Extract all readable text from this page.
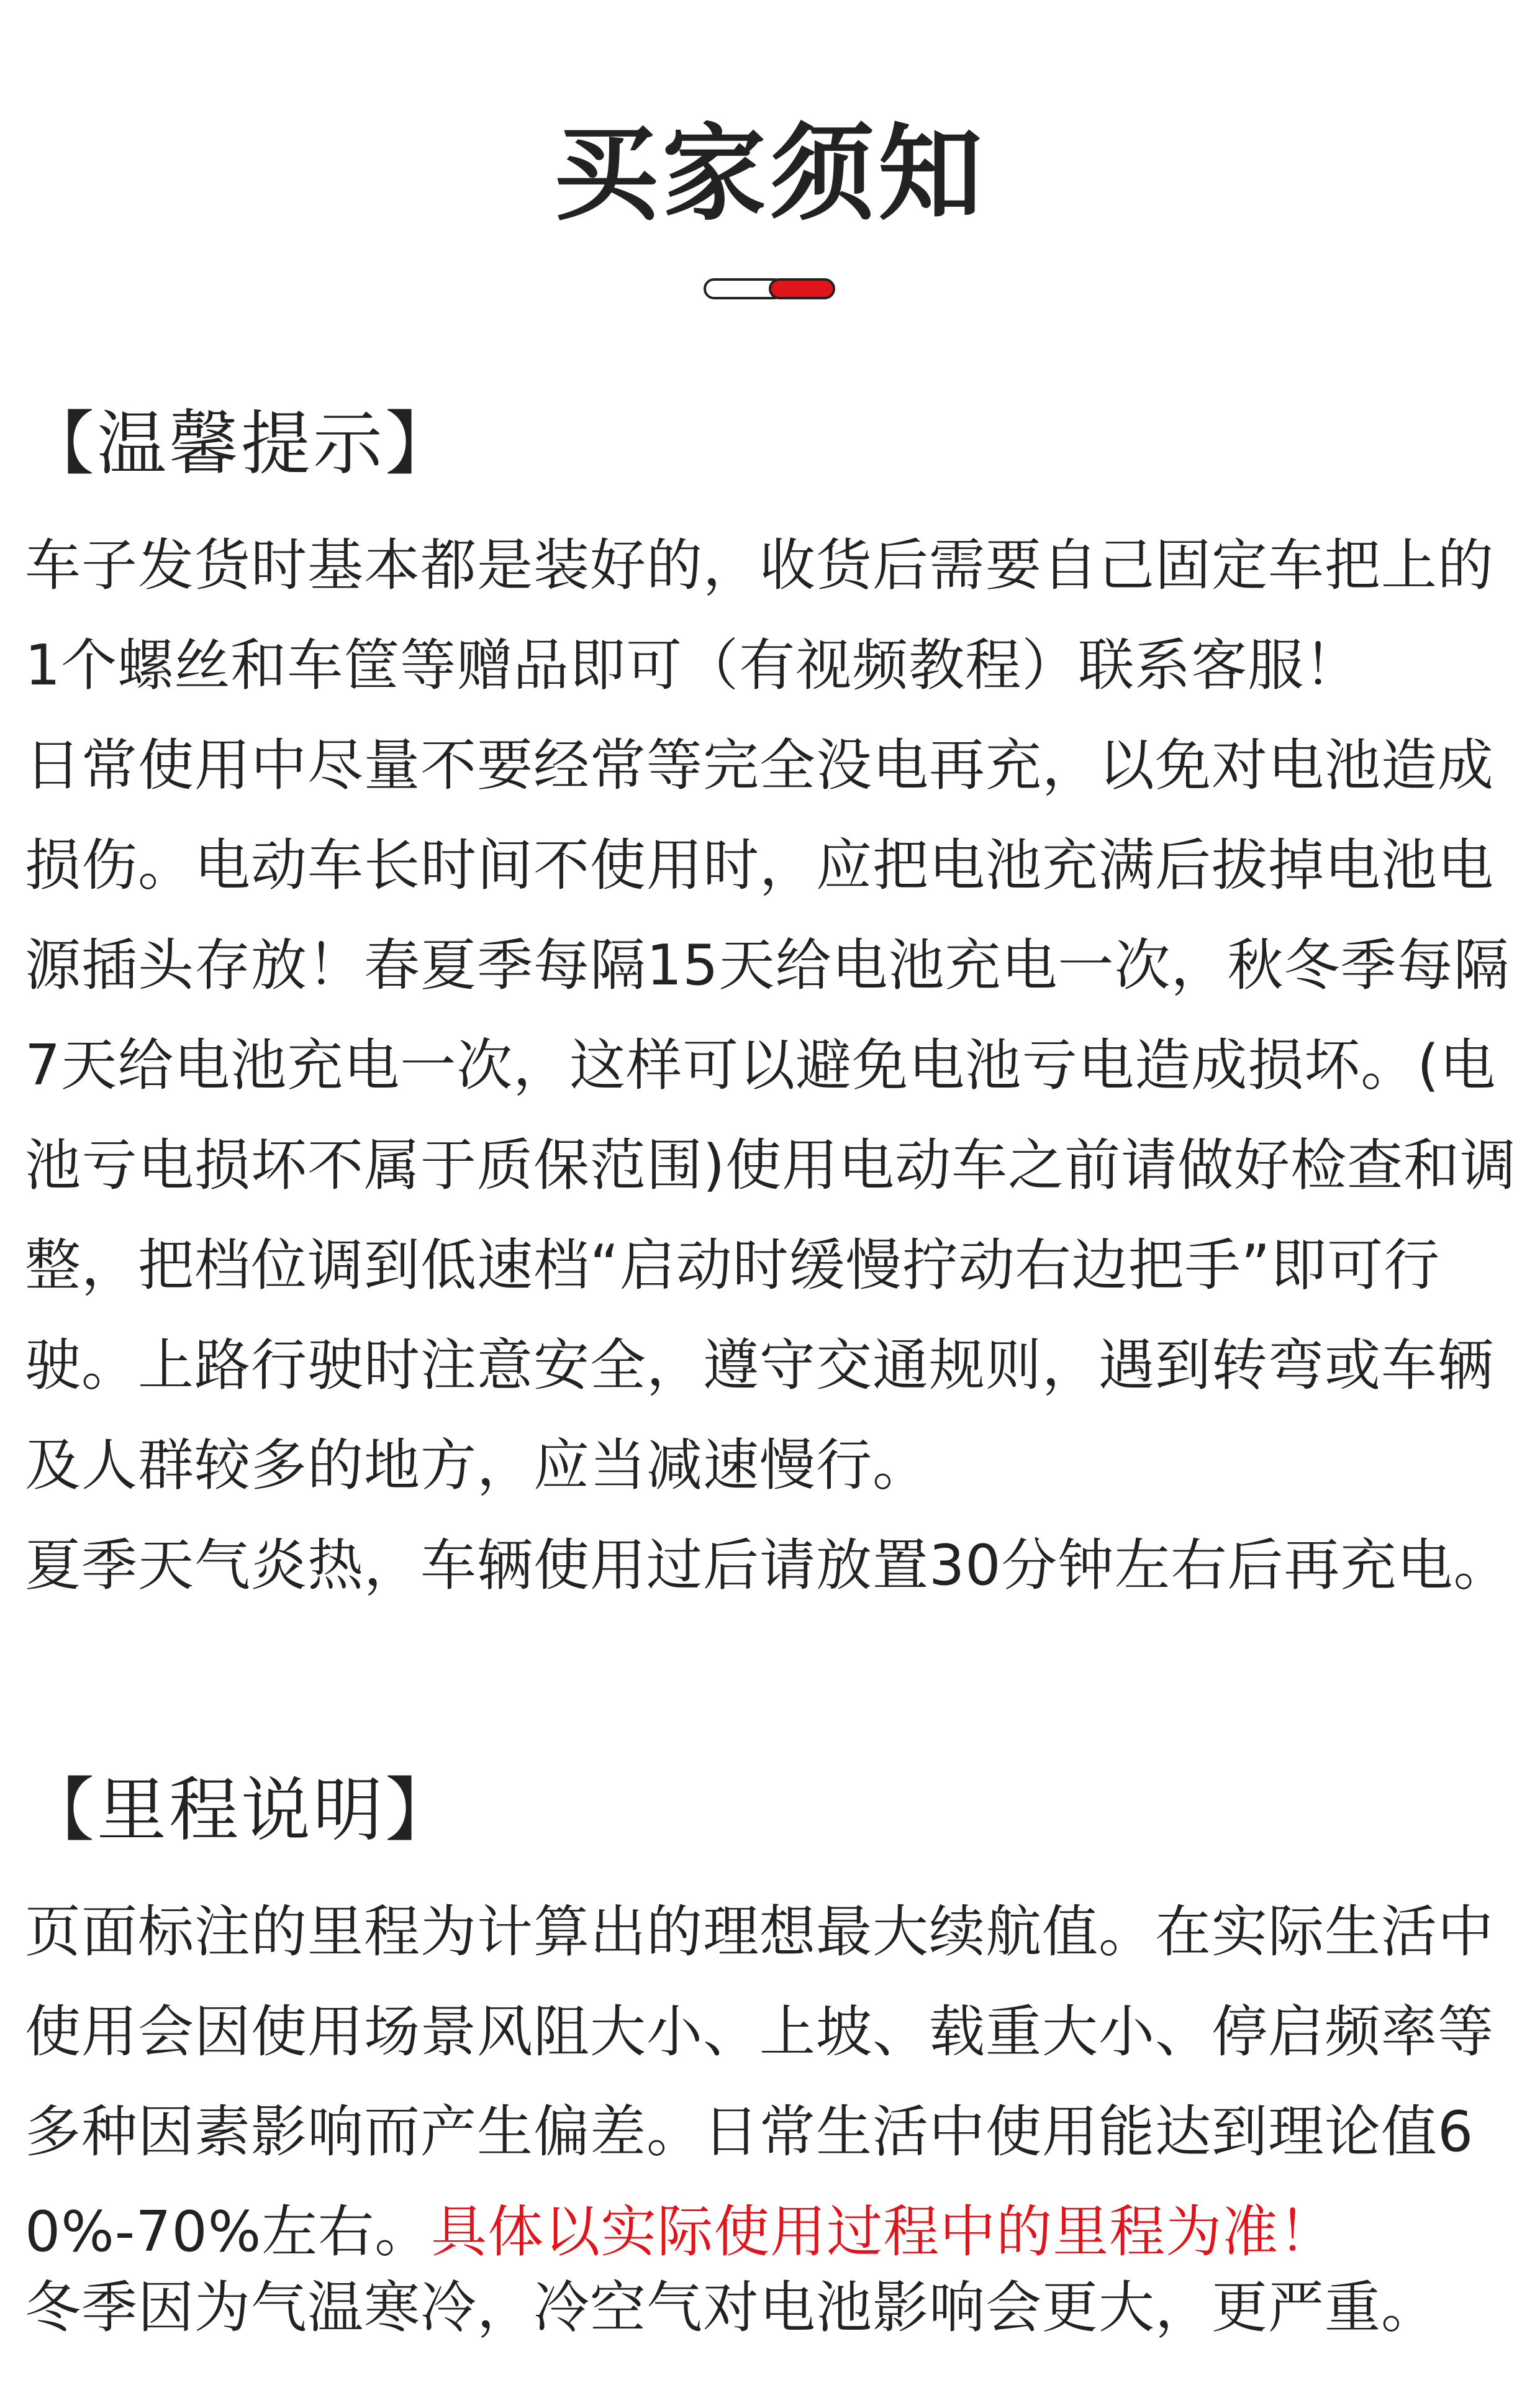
买家须知
【温馨提示】
车子发货时基本都是装好的，收货后需要自己固定车把上的1个螺丝和车筐等赠品即可（有视频教程）联系客服！
日常使用中尽量不要经常等完全没电再充，以免对电池造成损伤。电动车长时间不使用时，应把电池充满后拔掉电池电源插头存放！春夏季每隔15天给电池充电一次，秋冬季每隔7天给电池充电一次，这样可以避免电池亏电造成损坏。(电池亏电损坏不属于质保范围)使用电动车之前请做好检查和调整，把档位调到低速档“启动时缓慢拧动右边把手”即可行驶。上路行驶时注意安全，遵守交通规则，遇到转弯或车辆及人群较多的地方，应当减速慢行。
夏季天气炎热，车辆使用过后请放置30分钟左右后再充电。
【里程说明】
页面标注的里程为计算出的理想最大续航值。在实际生活中使用会因使用场景风阻大小、上坡、载重大小、停启频率等多种因素影响而产生偏差。日常生活中使用能达到理论值60%-70%左右。具体以实际使用过程中的里程为准！
冬季因为气温寒冷，冷空气对电池影响会更大，更严重。
